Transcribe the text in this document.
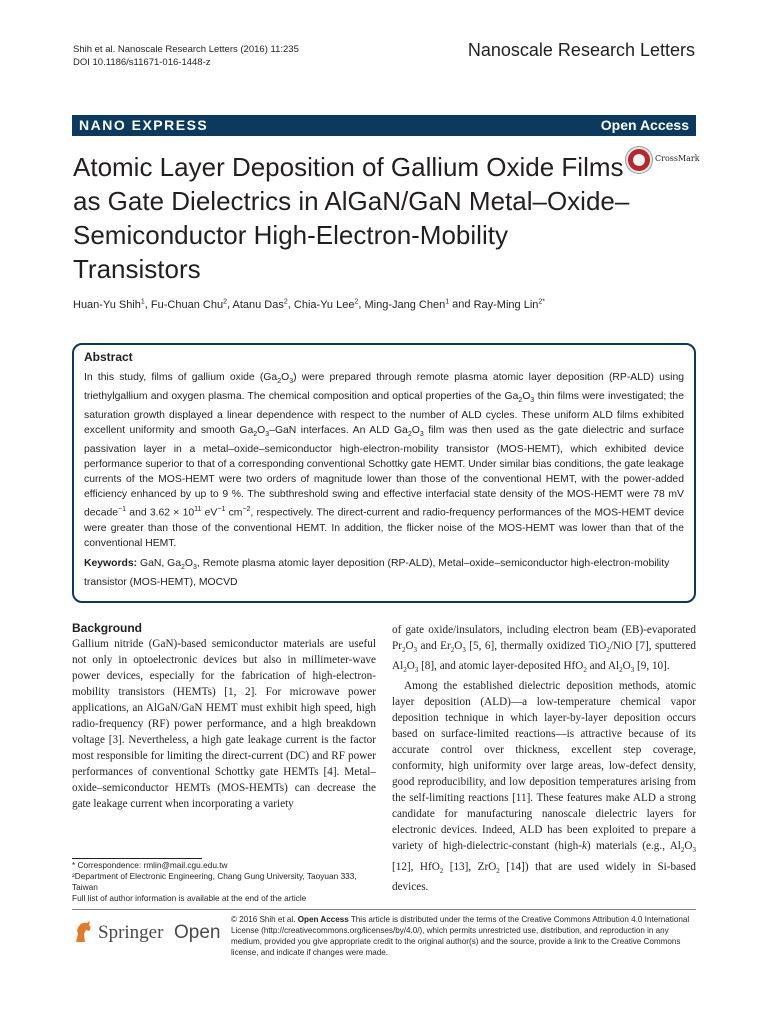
Shih et al. Nanoscale Research Letters (2016) 11:235
DOI 10.1186/s11671-016-1448-z
Nanoscale Research Letters
NANO EXPRESS	Open Access
Atomic Layer Deposition of Gallium Oxide Films as Gate Dielectrics in AlGaN/GaN Metal–Oxide–Semiconductor High-Electron-Mobility Transistors
CrossMark
Huan-Yu Shih$^1$, Fu-Chuan Chu$^2$, Atanu Das$^2$, Chia-Yu Lee$^2$, Ming-Jang Chen$^1$ and Ray-Ming Lin$^{2*}$
Abstract

In this study, films of gallium oxide $(Ga_2O_3)$ were prepared through remote plasma atomic layer deposition (RP-ALD) using triethylgallium and oxygen plasma. The chemical composition and optical properties of the $Ga_2O_3$ thin films were investigated; the saturation growth displayed a linear dependence with respect to the number of ALD cycles. These uniform ALD films exhibited excellent uniformity and smooth $Ga_2O_3$–GaN interfaces. An ALD $Ga_2O_3$ film was then used as the gate dielectric and surface passivation layer in a metal–oxide–semiconductor high-electron-mobility transistor (MOS-HEMT), which exhibited device performance superior to that of a corresponding conventional Schottky gate HEMT. Under similar bias conditions, the gate leakage currents of the MOS-HEMT were two orders of magnitude lower than those of the conventional HEMT, with the power-added efficiency enhanced by up to 9 %. The subthreshold swing and effective interfacial state density of the MOS-HEMT were 78 mV decade$^{-1}$ and $3.62 \times 10^{11}$ $eV^{-1}$ $cm^{-2}$, respectively. The direct-current and radio-frequency performances of the MOS-HEMT device were greater than those of the conventional HEMT. In addition, the flicker noise of the MOS-HEMT was lower than that of the conventional HEMT.

Keywords: GaN, $Ga_2O_3$, Remote plasma atomic layer deposition (RP-ALD), Metal–oxide–semiconductor high-electron-mobility transistor (MOS-HEMT), MOCVD

Background

Gallium nitride (GaN)-based semiconductor materials are useful not only in optoelectronic devices but also in millimeter-wave power devices, especially for the fabrication of high-electron-mobility transistors (HEMTs) [1, 2]. For microwave power applications, an AlGaN/GaN HEMT must exhibit high speed, high radio-frequency (RF) power performance, and a high breakdown voltage [3]. Nevertheless, a high gate leakage current is the factor most responsible for limiting the direct-current (DC) and RF power performances of conventional Schottky gate HEMTs [4]. Metal–oxide–semiconductor HEMTs (MOS-HEMTs) can decrease the gate leakage current when incorporating a variety

of gate oxide/insulators, including electron beam (EB)-evaporated $Pr_2O_3$ and $Er_2O_3$ [5, 6], thermally oxidized TiO$_2$/NiO [7], sputtered $Al_2O_3$ [8], and atomic layer-deposited HfO$_2$ and $Al_2O_3$ [9, 10].

Among the established dielectric deposition methods, atomic layer deposition (ALD)—a low-temperature chemical vapor deposition technique in which layer-by-layer deposition occurs based on surface-limited reactions—is attractive because of its accurate control over thickness, excellent step coverage, conformity, high uniformity over large areas, low-defect density, good reproducibility, and low deposition temperatures arising from the self-limiting reactions [11]. These features make ALD a strong candidate for manufacturing nanoscale dielectric layers for electronic devices. Indeed, ALD has been exploited to prepare a variety of high-dielectric-constant (high-k) materials (e.g., $Al_2O_3$ [12], HfO$_2$ [13], ZrO$_2$ [14]) that are used widely in Si-based devices.

* Correspondence: rmlin@mail.cgu.edu.tw
²Department of Electronic Engineering, Chang Gung University, Taoyuan 333, Taiwan
Full list of author information is available at the end of the article
Springer Open
© 2016 Shih et al. Open Access This article is distributed under the terms of the Creative Commons Attribution 4.0 International License (http://creativecommons.org/licenses/by/4.0/), which permits unrestricted use, distribution, and reproduction in any medium, provided you give appropriate credit to the original author(s) and the source, provide a link to the Creative Commons license, and indicate if changes were made.
